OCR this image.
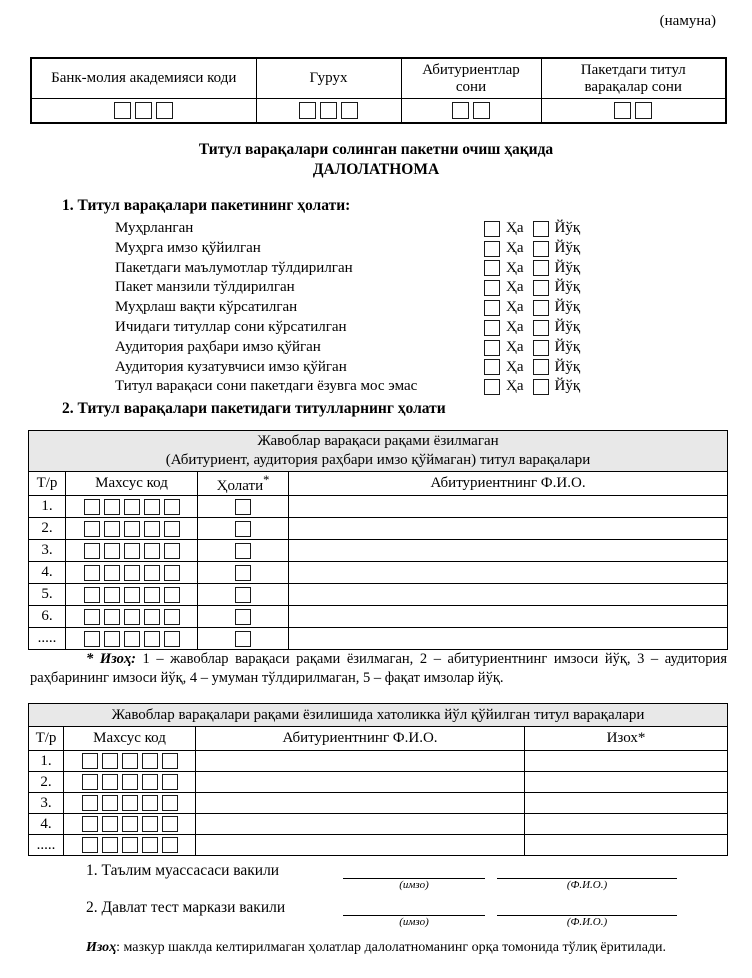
(намуна)
Банк-молия академияси коди	Гурух	Абитуриентлар сони	Пакетдаги титул варақалар сони

Титул варақалари солинган пакетни очиш ҳақида
ДАЛОЛАТНОМА
1. Титул варақалари пакетининг ҳолати:
Муҳрланган	Ҳа Йўқ
Муҳрга имзо қўйилган	Ҳа Йўқ
Пакетдаги маълумотлар тўлдирилган	Ҳа Йўқ
Пакет манзили тўлдирилган	Ҳа Йўқ
Муҳрлаш вақти кўрсатилган	Ҳа Йўқ
Ичидаги титуллар сони кўрсатилган	Ҳа Йўқ
Аудитория раҳбари имзо қўйган	Ҳа Йўқ
Аудитория кузатувчиси имзо қўйган	Ҳа Йўқ
Титул варақаси сони пакетдаги ёзувга мос эмас	Ҳа Йўқ
2. Титул варақалари пакетидаги титулларнинг ҳолати
Жавоблар варақаси рақами ёзилмаган
(Абитуриент, аудитория раҳбари имзо қўймаган) титул варақалари			

Т/р	Махсус код	Ҳолати*	Абитуриентнинг Ф.И.О.
1.			
2.			
3.			
4.			
5.			
6.			
.....			
* Изоҳ: 1 – жавоблар варақаси рақами ёзилмаган, 2 – абитуриентнинг имзоси йўқ, 3 – аудитория раҳбарининг имзоси йўқ, 4 – умуман тўлдирилмаган, 5 – фақат имзолар йўқ.
Жавоблар варақалари рақами ёзилишида хатоликка йўл қўйилган титул варақалари			
Т/р	Махсус код	Абитуриентнинг Ф.И.О.	Изох*
1.			
2.			
3.			
4.			
.....			
1. Таълим муассасаси вакили
(имзо)	(Ф.И.О.)
2. Давлат тест маркази вакили
(имзо)	(Ф.И.О.)
Изоҳ: мазкур шаклда келтирилмаган ҳолатлар далолатноманинг орқа томонида тўлиқ ёритилади.
